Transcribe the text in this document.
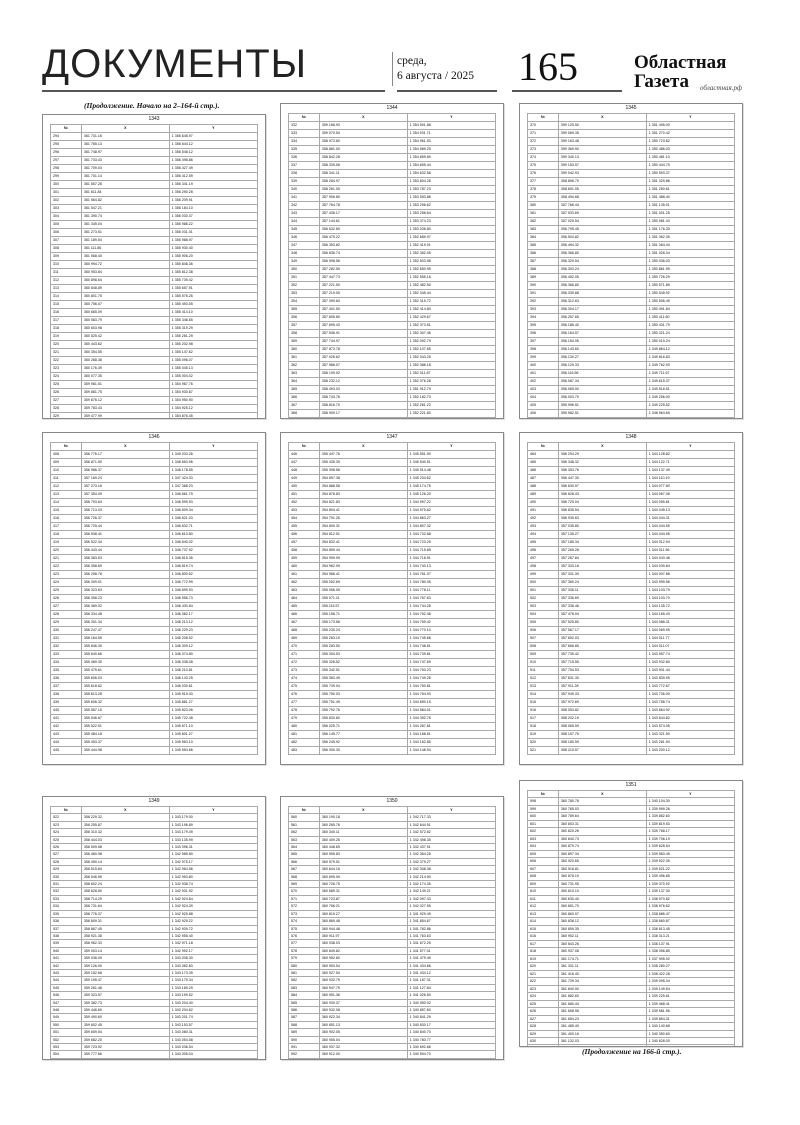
ДОКУМЕНТЫ	среда,
6 августа / 2025	165	Областная
Газета	областная.рф
(Продолжение. Начало на 2–164-й стр.).
1343
№	X	Y
294	361 731.16	1 356 645.97
295	361 765.13	1 356 644.12
296	361 748.97	1 356 548.12
297	361 733.43	1 356 498.86
298	361 709.03	1 356 427.49
299	361 701.14	1 356 412.59
300	361 657.26	1 356 341.19
301	361 611.84	1 356 290.28
302	361 564.82	1 356 209.91
303	361 547.21	1 356 184.10
304	361 390.74	1 356 030.37
305	361 345.04	1 355 988.22
306	361 273.51	1 356 031.01
307	361 189.54	1 355 988.97
308	361 111.86	1 355 930.40
309	361 068.40	1 355 906.20
310	360 994.72	1 355 848.36
311	360 953.84	1 355 812.38
312	360 898.64	1 355 739.42
313	360 848.89	1 355 657.91
314	360 801.75	1 355 576.26
315	360 756.07	1 355 493.05
316	360 665.09	1 355 414.10
317	360 583.79	1 355 346.65
318	360 603.98	1 355 319.29
319	360 525.42	1 355 281.29
320	360 443.62	1 355 202.98
321	360 354.55	1 355 147.62
322	360 268.38	1 355 096.07
323	360 176.39	1 355 045.13
324	360 077.35	1 355 004.02
325	359 981.51	1 354 967.76
326	359 881.75	1 354 930.67
327	359 876.12	1 354 950.90
328	359 783.43	1 354 925.12
329	359 477.99	1 354 876.45

1344
№	X	Y
332	359 168.93	1 354 901.88
333	359 070.54	1 354 931.71
334	358 973.60	1 354 961.53
335	358 881.00	1 354 989.25
336	358 842.28	1 354 859.89
337	358 339.06	1 354 655.44
338	358 341.11	1 354 632.56
339	358 284.97	1 353 804.28
340	358 261.05	1 353 787.23
341	357 906.80	1 353 593.86
342	357 764.78	1 353 296.62
343	357 436.17	1 353 258.64
344	357 144.61	1 353 374.23
345	356 632.69	1 353 036.80
346	356 475.22	1 352 689.97
347	356 353.82	1 352 419.01
348	356 836.74	1 352 352.05
349	356 998.56	1 352 503.98
350	357 282.59	1 352 650.95
351	357 447.73	1 352 555.16
352	357 221.50	1 352 482.50
353	357 219.05	1 352 345.44
354	357 399.84	1 352 315.72
355	357 401.50	1 352 414.80
356	357 655.80	1 352 429.67
357	357 695.43	1 352 373.51
358	357 536.91	1 352 307.46
359	357 744.97	1 352 092.79
360	357 873.78	1 352 107.65
361	357 926.62	1 352 043.25
362	357 986.07	1 352 086.18
363	358 109.92	1 352 011.87
364	358 232.12	1 352 076.28
365	358 493.03	1 351 912.79
366	358 743.76	1 352 182.70
367	358 816.70	1 352 261.22
368	358 909.17	1 352 221.60

1345
№	X	Y
370	359 125.50	1 351 495.00
371	359 069.35	1 351 270.42
372	359 163.48	1 350 723.82
373	359 369.90	1 350 486.03
374	359 340.13	1 350 481.10
375	359 153.57	1 350 444.75
376	359 042.93	1 350 593.37
377	358 896.70	1 351 329.86
378	358 691.05	1 351 250.61
379	358 494.68	1 351 488.40
380	357 766.44	1 351 135.01
381	357 533.69	1 351 001.25
382	357 029.54	1 350 981.43
383	356 795.45	1 351 176.30
384	356 504.82	1 351 062.35
385	356 494.32	1 351 064.44
386	356 366.80	1 351 028.34
387	356 329.54	1 350 936.03
388	356 303.24	1 350 861.95
389	356 452.05	1 350 726.29
390	356 366.80	1 350 571.85
391	356 339.88	1 350 545.92
392	356 312.63	1 350 506.49
393	356 304.17	1 350 491.84
394	356 257.65	1 350 411.60
395	356 186.40	1 350 431.79
396	356 164.57	1 350 321.24
397	356 154.95	1 350 019.24
398	356 143.60	1 349 864.12
399	356 130.27	1 349 816.83
400	356 129.33	1 349 762.93
401	356 116.56	1 349 711.67
402	356 087.34	1 349 615.37
403	356 065.90	1 349 518.51
404	356 003.70	1 349 256.00
405	355 996.51	1 349 225.52
406	355 982.51	1 348 964.65

1346
№	X	Y
408	356 776.17	1 349 033.26
409	356 871.50	1 348 653.96
410	356 986.37	1 348 178.55
411	357 169.24	1 347 424.33
412	357 273.16	1 347 388.23
413	357 354.09	1 346 661.79
414	356 793.64	1 346 599.93
415	356 713.03	1 346 609.34
416	356 726.37	1 346 621.03
417	356 725.44	1 346 632.71
418	356 538.41	1 346 610.80
419	356 522.34	1 346 640.02
420	356 443.44	1 346 737.92
421	356 383.53	1 346 815.36
422	356 358.69	1 346 819.74
423	356 298.78	1 346 800.52
424	356 309.01	1 346 772.99
425	356 323.63	1 346 699.93
426	356 358.23	1 346 556.73
427	356 369.92	1 346 430.84
428	356 334.48	1 346 382.17
429	356 301.34	1 346 213.12
430	356 247.47	1 346 229.23
431	356 164.55	1 346 208.52
432	355 846.30	1 346 309.12
433	355 640.66	1 346 374.80
434	355 469.30	1 346 338.08
435	355 475.61	1 346 210.81
436	355 606.03	1 346 143.25
437	355 618.62	1 346 030.61
438	355 613.28	1 345 919.43
439	355 606.32	1 345 881.27
440	355 587.15	1 345 823.06
441	355 546.67	1 345 722.48
442	355 522.51	1 345 671.10
443	355 484.18	1 345 601.27
444	355 453.37	1 345 563.10
445	355 444.98	1 345 554.66
1347
№	X	Y
446	355 447.76	1 345 551.90
447	355 435.39	1 345 540.51
448	355 398.56	1 345 514.48
449	354 897.38	1 345 234.62
450	354 888.58	1 345 174.75
451	354 878.83	1 345 126.20
452	354 821.83	1 344 997.22
453	354 804.41	1 344 975.62
454	354 791.26	1 344 863.27
455	354 800.31	1 344 807.32
456	354 812.51	1 344 732.68
457	354 832.41	1 344 723.29
458	354 859.44	1 344 715.85
459	354 909.99	1 344 716.91
460	354 962.99	1 344 740.13
461	354 986.41	1 344 761.37
462	355 052.69	1 344 780.05
463	355 056.05	1 344 778.11
464	355 071.11	1 344 767.63
465	355 115.57	1 344 744.28
466	355 158.71	1 344 752.46
467	355 173.56	1 344 759.42
468	355 230.24	1 344 770.10
469	355 263.19	1 344 745.66
470	355 283.50	1 344 748.61
471	355 304.53	1 344 739.81
472	355 326.52	1 344 747.69
473	355 342.51	1 344 753.23
474	355 363.49	1 344 749.26
475	355 739.04	1 344 750.81
476	355 750.03	1 344 754.93
477	355 751.49	1 344 690.15
478	355 792.76	1 344 584.01
479	355 830.60	1 344 392.76
480	356 025.71	1 344 287.81
481	356 145.77	1 344 188.61
482	356 245.92	1 344 162.85
483	356 300.30	1 344 148.94
1348
№	X	Y
484	356 294.29	1 344 128.82
485	356 348.32	1 344 122.71
486	356 353.76	1 344 137.49
487	356 447.30	1 344 110.19
488	356 630.97	1 344 077.80
489	356 628.43	1 344 067.08
490	356 729.04	1 344 055.81
491	356 835.54	1 344 045.13
492	356 935.63	1 344 044.31
493	357 035.80	1 344 044.55
494	357 135.27	1 344 044.95
495	357 185.34	1 344 012.94
496	357 265.28	1 344 011.56
497	357 267.84	1 344 043.46
498	357 333.16	1 344 039.84
499	357 331.39	1 344 007.88
500	357 369.24	1 343 999.56
501	357 336.11	1 344 103.79
502	357 336.69	1 344 103.70
503	357 338.46	1 344 135.72
504	357 478.94	1 344 165.43
505	357 525.80	1 344 088.31
506	357 567.17	1 344 069.95
507	357 692.03	1 344 011.77
508	357 666.85	1 344 011.07
509	357 735.42	1 343 957.74
510	357 715.55	1 343 932.80
511	357 754.53	1 343 901.44
512	357 831.30	1 343 839.95
513	357 911.28	1 343 772.67
514	357 949.33	1 343 736.00
515	357 972.69	1 343 758.74
516	358 053.82	1 343 664.92
517	358 202.19	1 343 644.82
518	358 065.59	1 343 574.05
519	358 157.75	1 343 321.50
520	358 180.59	1 343 261.94
521	358 215.57	1 343 200.12
1349
№	X	Y
522	358 229.32	1 343 179.00
523	358 255.87	1 343 196.89
524	358 310.32	1 343 179.49
525	358 444.03	1 343 135.99
526	358 509.58	1 343 096.31
527	358 460.98	1 342 989.80
528	358 490.14	1 342 975.17
529	358 515.84	1 342 964.56
530	358 546.55	1 342 953.80
531	358 602.24	1 342 938.74
532	358 628.80	1 342 931.92
533	358 714.29	1 342 924.64
534	358 731.64	1 342 924.39
535	358 776.37	1 342 925.88
536	358 809.31	1 342 929.22
537	358 867.45	1 342 939.72
538	358 921.38	1 342 955.40
539	358 962.33	1 342 971.18
540	359 003.14	1 342 992.17
541	359 036.09	1 343 038.30
542	359 126.00	1 343 082.83
543	359 152.68	1 343 173.39
544	359 195.47	1 343 179.34
545	359 261.48	1 343 189.29
546	359 323.57	1 343 199.52
547	359 382.73	1 343 204.40
548	359 446.60	1 343 204.62
549	359 490.60	1 343 201.74
550	359 602.45	1 343 153.57
551	359 659.54	1 343 080.31
552	359 682.20	1 343 054.58
553	359 723.92	1 343 036.54
554	359 777.66	1 343 005.04

1350
№	X	Y
560	360 190.18	1 342 717.33
561	360 265.76	1 342 644.51
562	360 340.11	1 342 572.62
563	360 409.26	1 342 498.35
564	360 448.65	1 342 437.91
565	360 555.83	1 342 364.25
566	360 579.51	1 342 379.27
567	360 644.16	1 342 308.38
568	360 695.09	1 342 214.90
569	360 726.75	1 342 174.35
570	360 689.31	1 342 149.21
571	360 723.87	1 342 097.43
572	360 766.21	1 342 027.55
573	360 819.27	1 341 929.49
574	360 869.48	1 341 854.67
575	360 944.48	1 341 782.86
576	360 911.97	1 341 763.63
577	360 938.03	1 341 672.25
578	360 849.82	1 341 577.01
579	360 952.60	1 341 479.49
580	360 953.54	1 341 434.66
581	360 927.54	1 341 434.12
582	360 932.79	1 341 187.31
583	360 947.79	1 341 127.84
584	360 951.36	1 341 026.50
585	360 930.37	1 340 950.02
586	360 932.08	1 340 857.60
587	360 922.34	1 340 841.29
588	360 851.13	1 340 830.17
589	360 902.05	1 340 840.70
590	360 955.04	1 340 780.77
591	360 937.32	1 340 692.66
592	360 912.00	1 340 594.70

1351
№	X	Y
598	360 780.78	1 340 104.30
599	360 765.03	1 339 999.26
600	360 789.64	1 339 882.60
601	360 803.31	1 339 819.53
602	360 820.26	1 339 768.17
603	360 840.73	1 339 706.19
604	360 879.74	1 339 628.54
605	360 897.34	1 339 583.45
606	360 920.65	1 339 522.35
607	360 918.81	1 339 521.22
608	360 878.19	1 339 496.85
609	360 731.95	1 339 370.92
610	360 610.10	1 339 137.30
611	360 630.40	1 338 970.82
612	360 651.70	1 338 976.62
613	360 863.97	1 338 686.47
614	360 838.12	1 338 660.87
615	360 859.35	1 338 613.45
616	360 952.11	1 338 313.21
617	360 843.26	1 338 137.91
618	360 937.08	1 338 056.85
619	361 174.71	1 337 995.92
620	361 331.11	1 338 280.27
621	361 416.40	1 338 422.28
622	361 739.34	1 339 095.34
623	361 840.90	1 339 149.54
624	361 882.60	1 339 225.61
625	361 680.44	1 339 468.41
626	361 658.98	1 339 581.96
627	361 654.23	1 339 854.31
628	361 485.49	1 340 140.68
629	361 400.16	1 340 350.60
630	361 132.03	1 340 628.00

(Продолжение на 166-й стр.).
